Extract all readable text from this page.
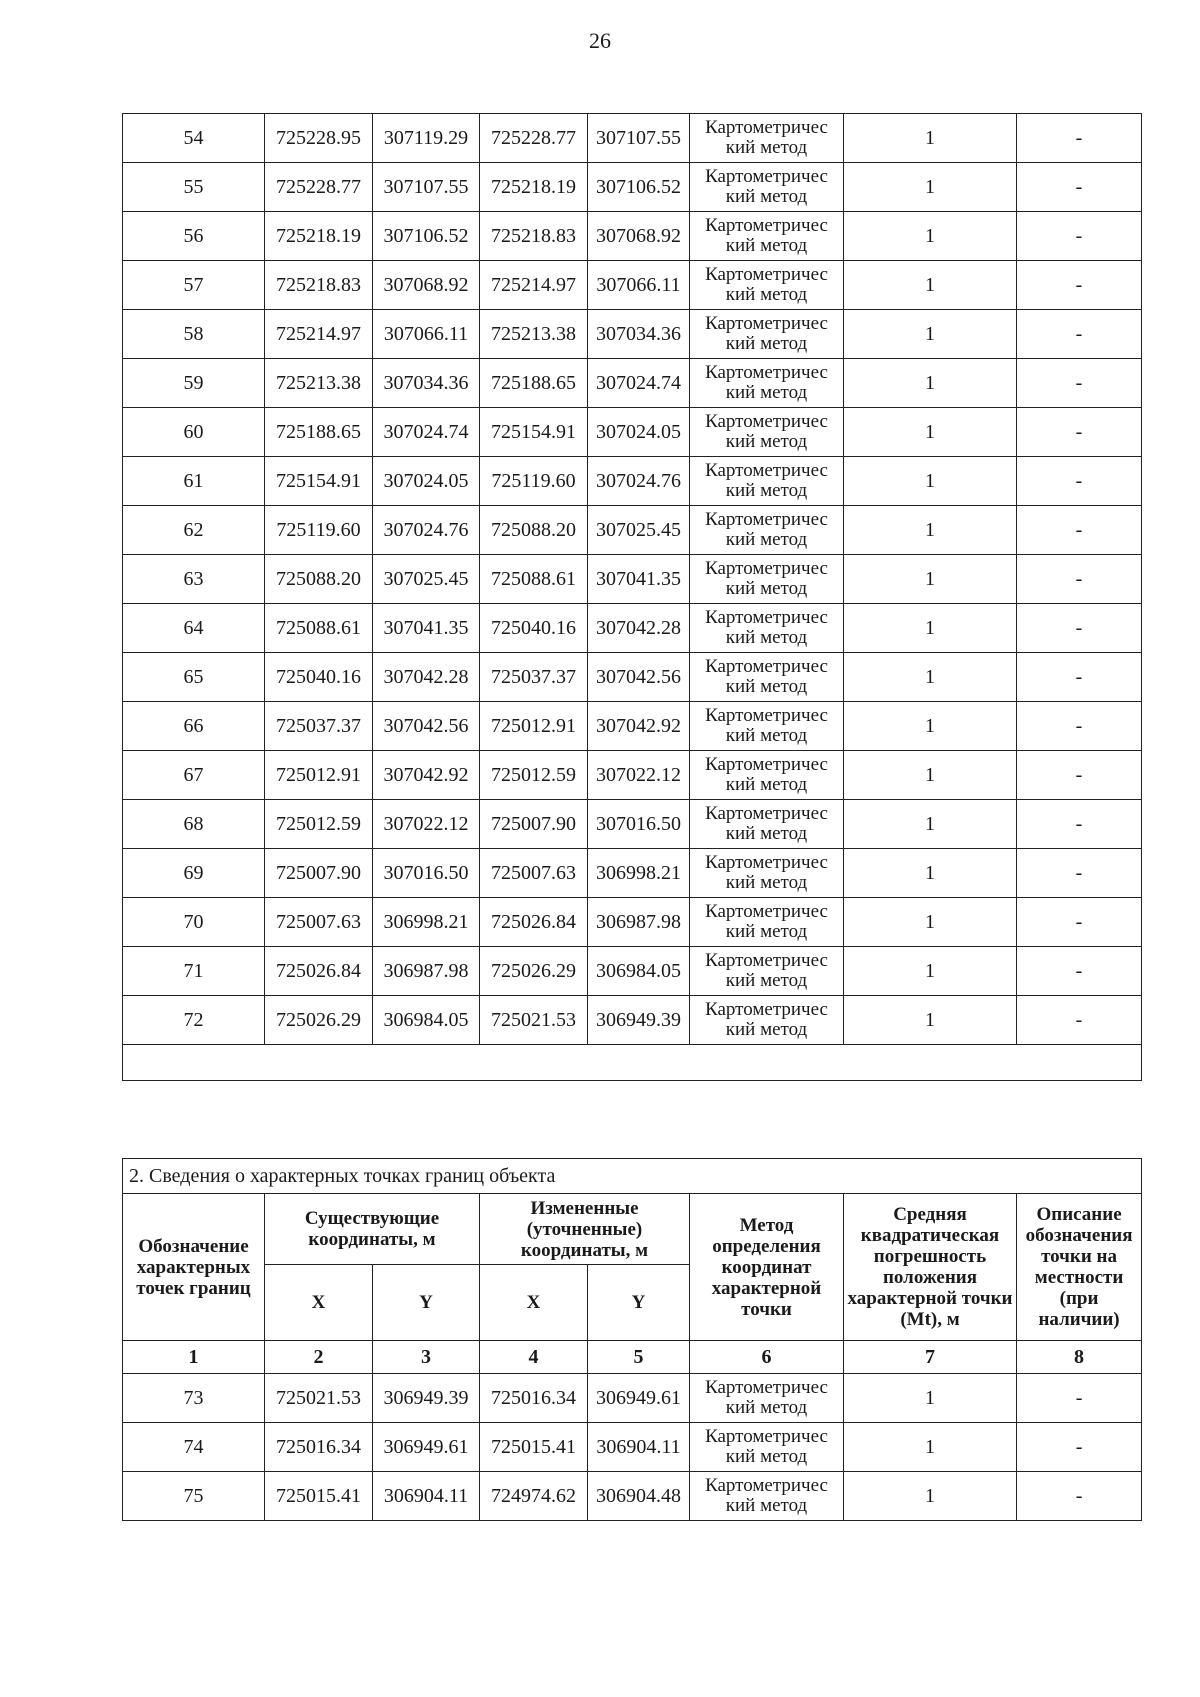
26
54	725228.95	307119.29	725228.77	307107.55	Картометричес
кий метод	1	-
55	725228.77	307107.55	725218.19	307106.52	Картометричес
кий метод	1	-
56	725218.19	307106.52	725218.83	307068.92	Картометричес
кий метод	1	-
57	725218.83	307068.92	725214.97	307066.11	Картометричес
кий метод	1	-
58	725214.97	307066.11	725213.38	307034.36	Картометричес
кий метод	1	-
59	725213.38	307034.36	725188.65	307024.74	Картометричес
кий метод	1	-
60	725188.65	307024.74	725154.91	307024.05	Картометричес
кий метод	1	-
61	725154.91	307024.05	725119.60	307024.76	Картометричес
кий метод	1	-
62	725119.60	307024.76	725088.20	307025.45	Картометричес
кий метод	1	-
63	725088.20	307025.45	725088.61	307041.35	Картометричес
кий метод	1	-
64	725088.61	307041.35	725040.16	307042.28	Картометричес
кий метод	1	-
65	725040.16	307042.28	725037.37	307042.56	Картометричес
кий метод	1	-
66	725037.37	307042.56	725012.91	307042.92	Картометричес
кий метод	1	-
67	725012.91	307042.92	725012.59	307022.12	Картометричес
кий метод	1	-
68	725012.59	307022.12	725007.90	307016.50	Картометричес
кий метод	1	-
69	725007.90	307016.50	725007.63	306998.21	Картометричес
кий метод	1	-
70	725007.63	306998.21	725026.84	306987.98	Картометричес
кий метод	1	-
71	725026.84	306987.98	725026.29	306984.05	Картометричес
кий метод	1	-
72	725026.29	306984.05	725021.53	306949.39	Картометричес
кий метод	1	-

2. Сведения о характерных точках границ объекта							
Обозначение характерных точек границ	Существующие координаты, м		Измененные (уточненные) координаты, м		Метод определения координат характерной точки	Средняя квадратическая погрешность положения характерной точки (Mt), м	Описание обозначения точки на местности (при наличии)
	X	Y	X	Y			
1	2	3	4	5	6	7	8
73	725021.53	306949.39	725016.34	306949.61	Картометричес
кий метод	1	-
74	725016.34	306949.61	725015.41	306904.11	Картометричес
кий метод	1	-
75	725015.41	306904.11	724974.62	306904.48	Картометричес
кий метод	1	-
